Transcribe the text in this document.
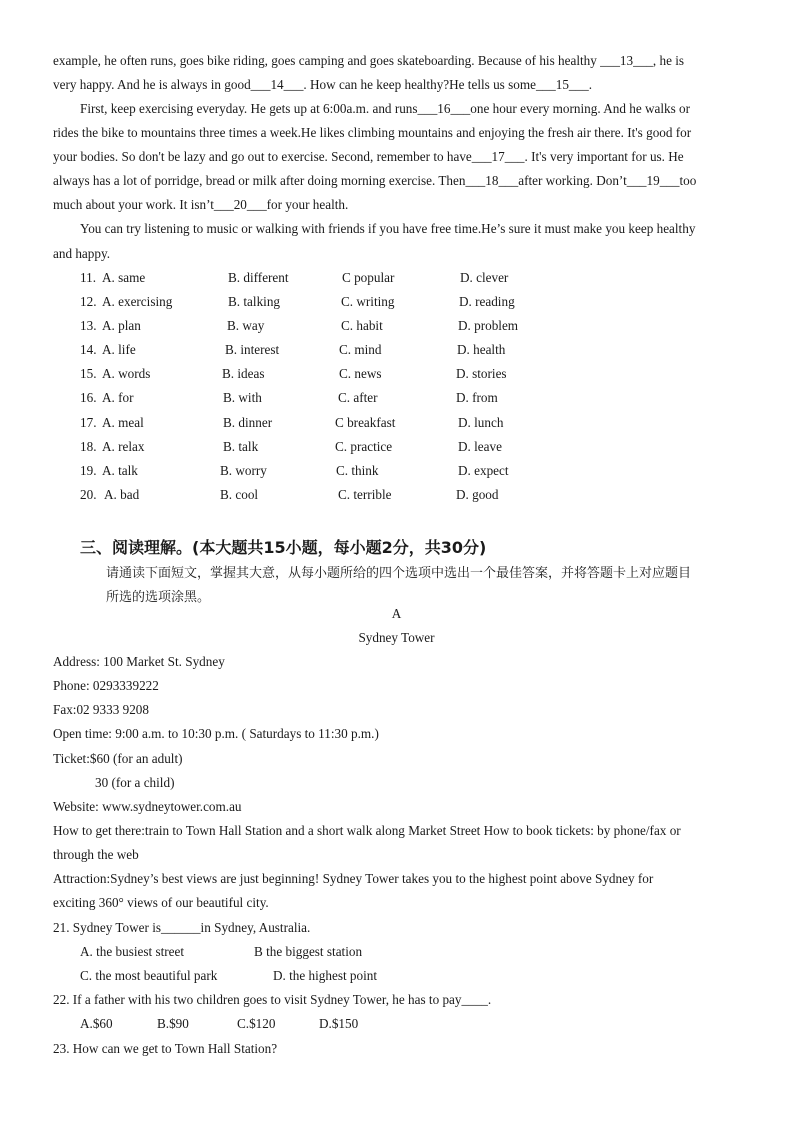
example, he often runs, goes bike riding, goes camping and goes skateboarding. Because of his healthy ___13___, he is
very happy. And he is always in good___14___. How can he keep healthy?He tells us some___15___.
First, keep exercising everyday. He gets up at 6:00a.m. and runs___16___one hour every morning. And he walks or
rides the bike to mountains three times a week.He likes climbing mountains and enjoying the fresh air there. It's good for
your bodies. So don't be lazy and go out to exercise. Second, remember to have___17___. It's very important for us. He
always has a lot of porridge, bread or milk after doing morning exercise. Then___18___after working. Don’t___19___too
much about your work. It isn’t___20___for your health.
You can try listening to music or walking with friends if you have free time.He’s sure it must make you keep healthy
and happy.
11. A. same	B. different	C popular	D. clever
12. A. exercising	B. talking	C. writing	D. reading
13. A. plan	B. way	C. habit	D. problem
14. A. life	B. interest	C. mind	D. health
15. A. words	B. ideas	C. news	D. stories
16. A. for	B. with	C. after	D. from
17. A. meal	B. dinner	C breakfast	D. lunch
18. A. relax	B. talk	C. practice	D. leave
19. A. talk	B. worry	C. think	D. expect
20. A. bad	B. cool	C. terrible	D. good
三、阅读理解。(本大题共15小题，每小题2分，共30分)
请通读下面短文，掌握其大意，从每小题所给的四个选项中选出一个最佳答案，并将答题卡上对应题目
所选的选项涂黑。
A
Sydney Tower
Address: 100 Market St. Sydney
Phone: 0293339222
Fax:02 9333 9208
Open time: 9:00 a.m. to 10:30 p.m. ( Saturdays to 11:30 p.m.)
Ticket:$60 (for an adult)
30 (for a child)
Website: www.sydneytower.com.au
How to get there:train to Town Hall Station and a short walk along Market Street How to book tickets: by phone/fax or
through the web
Attraction:Sydney’s best views are just beginning! Sydney Tower takes you to the highest point above Sydney for
exciting 360° views of our beautiful city.
21. Sydney Tower is______in Sydney, Australia.
A. the busiest street	B the biggest station
C. the most beautiful park	D. the highest point
22. If a father with his two children goes to visit Sydney Tower, he has to pay____.
A.$60	B.$90	C.$120	D.$150
23. How can we get to Town Hall Station?
